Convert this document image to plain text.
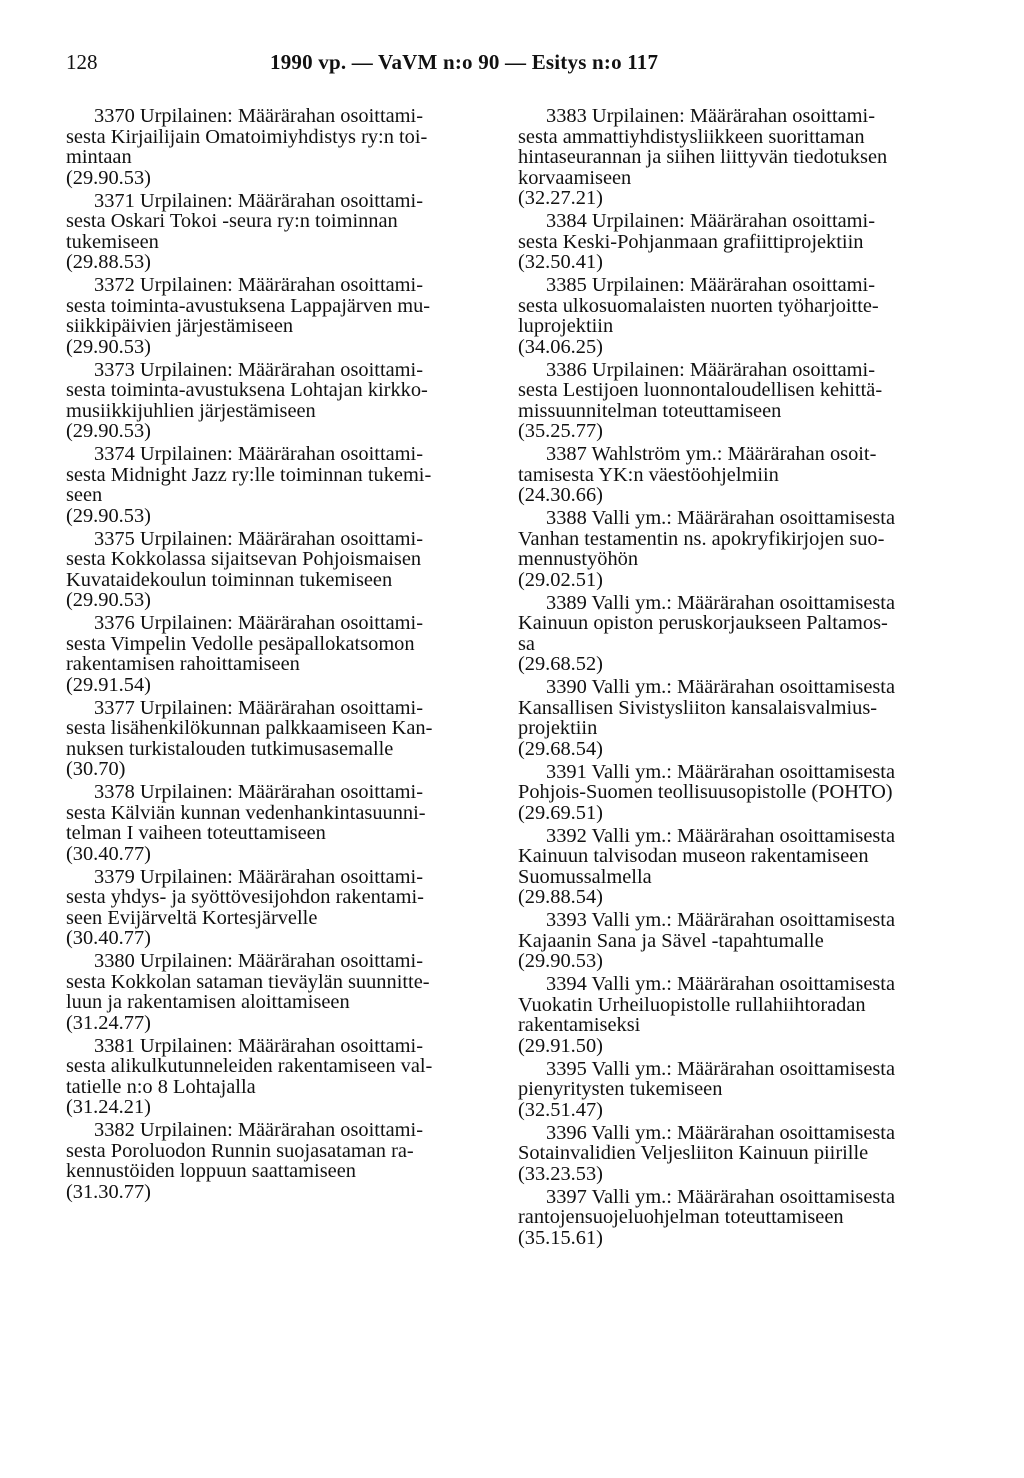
128	1990 vp. — VaVM n:o 90 — Esitys n:o 117
3370 Urpilainen: Määrärahan osoittami-
sesta Kirjailijain Omatoimiyhdistys ry:n toi-
mintaan
(29.90.53)
3371 Urpilainen: Määrärahan osoittami-
sesta Oskari Tokoi -seura ry:n toiminnan
tukemiseen
(29.88.53)
3372 Urpilainen: Määrärahan osoittami-
sesta toiminta-avustuksena Lappajärven mu-
siikkipäivien järjestämiseen
(29.90.53)
3373 Urpilainen: Määrärahan osoittami-
sesta toiminta-avustuksena Lohtajan kirkko-
musiikkijuhlien järjestämiseen
(29.90.53)
3374 Urpilainen: Määrärahan osoittami-
sesta Midnight Jazz ry:lle toiminnan tukemi-
seen
(29.90.53)
3375 Urpilainen: Määrärahan osoittami-
sesta Kokkolassa sijaitsevan Pohjoismaisen
Kuvataidekoulun toiminnan tukemiseen
(29.90.53)
3376 Urpilainen: Määrärahan osoittami-
sesta Vimpelin Vedolle pesäpallokatsomon
rakentamisen rahoittamiseen
(29.91.54)
3377 Urpilainen: Määrärahan osoittami-
sesta lisähenkilökunnan palkkaamiseen Kan-
nuksen turkistalouden tutkimusasemalle
(30.70)
3378 Urpilainen: Määrärahan osoittami-
sesta Kälviän kunnan vedenhankintasuunni-
telman I vaiheen toteuttamiseen
(30.40.77)
3379 Urpilainen: Määrärahan osoittami-
sesta yhdys- ja syöttövesijohdon rakentami-
seen Evijärveltä Kortesjärvelle
(30.40.77)
3380 Urpilainen: Määrärahan osoittami-
sesta Kokkolan sataman tieväylän suunnitte-
luun ja rakentamisen aloittamiseen
(31.24.77)
3381 Urpilainen: Määrärahan osoittami-
sesta alikulkutunneleiden rakentamiseen val-
tatielle n:o 8 Lohtajalla
(31.24.21)
3382 Urpilainen: Määrärahan osoittami-
sesta Poroluodon Runnin suojasataman ra-
kennustöiden loppuun saattamiseen
(31.30.77)
3383 Urpilainen: Määrärahan osoittami-
sesta ammattiyhdistysliikkeen suorittaman
hintaseurannan ja siihen liittyvän tiedotuksen
korvaamiseen
(32.27.21)
3384 Urpilainen: Määrärahan osoittami-
sesta Keski-Pohjanmaan grafiittiprojektiin
(32.50.41)
3385 Urpilainen: Määrärahan osoittami-
sesta ulkosuomalaisten nuorten työharjoitte-
luprojektiin
(34.06.25)
3386 Urpilainen: Määrärahan osoittami-
sesta Lestijoen luonnontaloudellisen kehittä-
missuunnitelman toteuttamiseen
(35.25.77)
3387 Wahlström ym.: Määrärahan osoit-
tamisesta YK:n väestöohjelmiin
(24.30.66)
3388 Valli ym.: Määrärahan osoittamisesta
Vanhan testamentin ns. apokryfikirjojen suo-
mennustyöhön
(29.02.51)
3389 Valli ym.: Määrärahan osoittamisesta
Kainuun opiston peruskorjaukseen Paltamos-
sa
(29.68.52)
3390 Valli ym.: Määrärahan osoittamisesta
Kansallisen Sivistysliiton kansalaisvalmius-
projektiin
(29.68.54)
3391 Valli ym.: Määrärahan osoittamisesta
Pohjois-Suomen teollisuusopistolle (POHTO)
(29.69.51)
3392 Valli ym.: Määrärahan osoittamisesta
Kainuun talvisodan museon rakentamiseen
Suomussalmella
(29.88.54)
3393 Valli ym.: Määrärahan osoittamisesta
Kajaanin Sana ja Sävel -tapahtumalle
(29.90.53)
3394 Valli ym.: Määrärahan osoittamisesta
Vuokatin Urheiluopistolle rullahiihtoradan
rakentamiseksi
(29.91.50)
3395 Valli ym.: Määrärahan osoittamisesta
pienyritysten tukemiseen
(32.51.47)
3396 Valli ym.: Määrärahan osoittamisesta
Sotainvalidien Veljesliiton Kainuun piirille
(33.23.53)
3397 Valli ym.: Määrärahan osoittamisesta
rantojensuojeluohjelman toteuttamiseen
(35.15.61)
